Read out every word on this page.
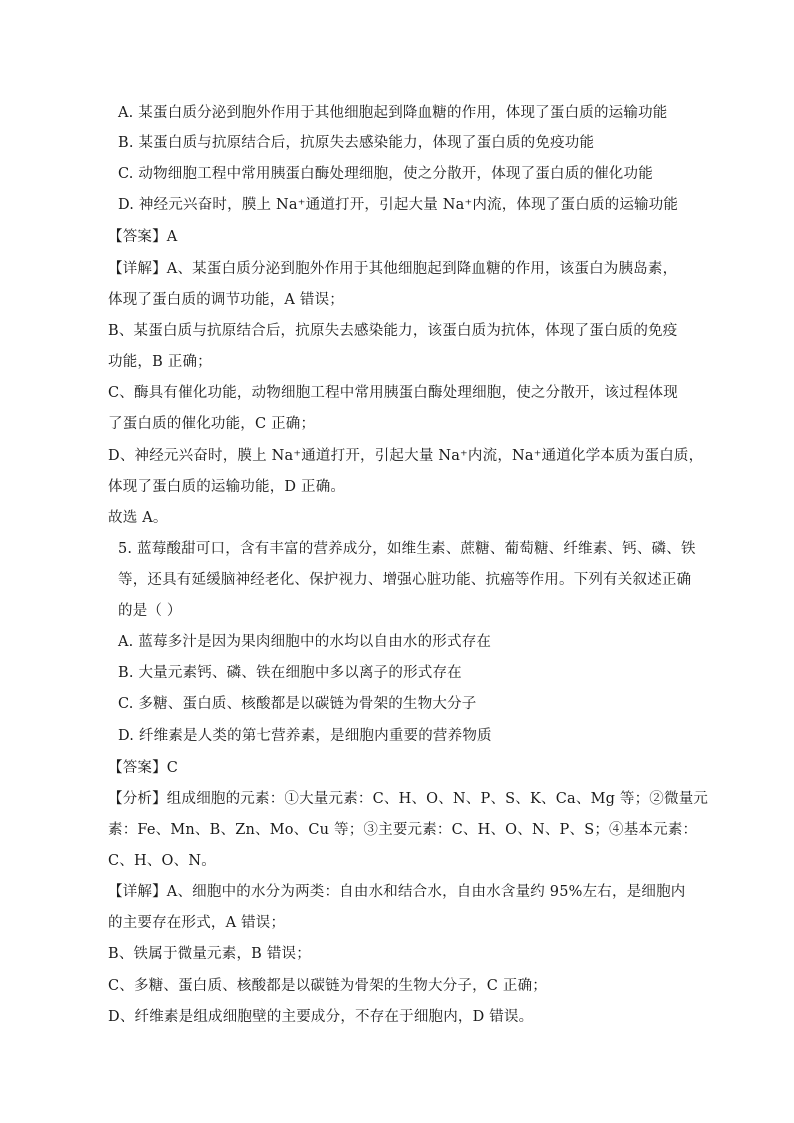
A. 某蛋白质分泌到胞外作用于其他细胞起到降血糖的作用，体现了蛋白质的运输功能
B. 某蛋白质与抗原结合后，抗原失去感染能力，体现了蛋白质的免疫功能
C. 动物细胞工程中常用胰蛋白酶处理细胞，使之分散开，体现了蛋白质的催化功能
D. 神经元兴奋时，膜上 Na⁺通道打开，引起大量 Na⁺内流，体现了蛋白质的运输功能
【答案】A
【详解】A、某蛋白质分泌到胞外作用于其他细胞起到降血糖的作用，该蛋白为胰岛素，
体现了蛋白质的调节功能，A 错误；
B、某蛋白质与抗原结合后，抗原失去感染能力，该蛋白质为抗体，体现了蛋白质的免疫
功能，B 正确；
C、酶具有催化功能，动物细胞工程中常用胰蛋白酶处理细胞，使之分散开，该过程体现
了蛋白质的催化功能，C 正确；
D、神经元兴奋时，膜上 Na⁺通道打开，引起大量 Na⁺内流，Na⁺通道化学本质为蛋白质，
体现了蛋白质的运输功能，D 正确。
故选 A。
5. 蓝莓酸甜可口，含有丰富的营养成分，如维生素、蔗糖、葡萄糖、纤维素、钙、磷、铁
等，还具有延缓脑神经老化、保护视力、增强心脏功能、抗癌等作用。下列有关叙述正确
的是（ ）
A. 蓝莓多汁是因为果肉细胞中的水均以自由水的形式存在
B. 大量元素钙、磷、铁在细胞中多以离子的形式存在
C. 多糖、蛋白质、核酸都是以碳链为骨架的生物大分子
D. 纤维素是人类的第七营养素，是细胞内重要的营养物质
【答案】C
【分析】组成细胞的元素：①大量元素：C、H、O、N、P、S、K、Ca、Mg 等；②微量元
素：Fe、Mn、B、Zn、Mo、Cu 等；③主要元素：C、H、O、N、P、S；④基本元素：
C、H、O、N。
【详解】A、细胞中的水分为两类：自由水和结合水，自由水含量约 95%左右，是细胞内
的主要存在形式，A 错误；
B、铁属于微量元素，B 错误；
C、多糖、蛋白质、核酸都是以碳链为骨架的生物大分子，C 正确；
D、纤维素是组成细胞壁的主要成分，不存在于细胞内，D 错误。
